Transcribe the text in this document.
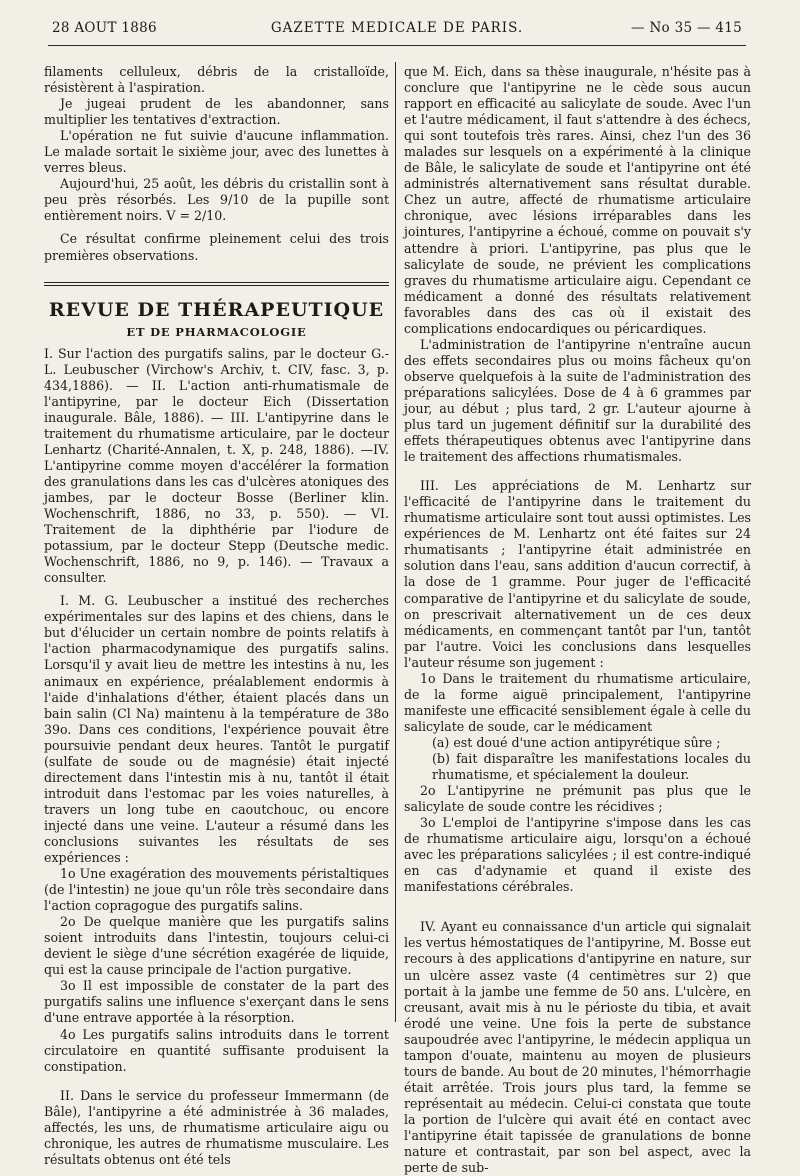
28 AOUT 1886	GAZETTE MEDICALE DE PARIS.	— No 35 — 415

filaments celluleux, débris de la cristalloïde, résistèrent à l'aspiration.

Je jugeai prudent de les abandonner, sans multiplier les tentatives d'extraction.

L'opération ne fut suivie d'aucune inflammation. Le malade sortait le sixième jour, avec des lunettes à verres bleus.

Aujourd'hui, 25 août, les débris du cristallin sont à peu près résorbés. Les 9/10 de la pupille sont entièrement noirs. V = 2/10.

Ce résultat confirme pleinement celui des trois premières observations.

REVUE DE THÉRAPEUTIQUE
ET DE PHARMACOLOGIE

I. Sur l'action des purgatifs salins, par le docteur G.-L. Leubuscher (Virchow's Archiv, t. CIV, fasc. 3, p. 434,1886). — II. L'action anti-rhumatismale de l'antipyrine, par le docteur Eich (Dissertation inaugurale. Bâle, 1886). — III. L'antipyrine dans le traitement du rhumatisme articulaire, par le docteur Lenhartz (Charité-Annalen, t. X, p. 248, 1886). —IV. L'antipyrine comme moyen d'accélérer la formation des granulations dans les cas d'ulcères atoniques des jambes, par le docteur Bosse (Berliner klin. Wochenschrift, 1886, no 33, p. 550). — VI. Traitement de la diphthérie par l'iodure de potassium, par le docteur Stepp (Deutsche medic. Wochenschrift, 1886, no 9, p. 146). — Travaux a consulter.

I. M. G. Leubuscher a institué des recherches expérimentales sur des lapins et des chiens, dans le but d'élucider un certain nombre de points relatifs à l'action pharmacodynamique des purgatifs salins. Lorsqu'il y avait lieu de mettre les intestins à nu, les animaux en expérience, préalablement endormis à l'aide d'inhalations d'éther, étaient placés dans un bain salin (Cl Na) maintenu à la température de 38o 39o. Dans ces conditions, l'expérience pouvait être poursuivie pendant deux heures. Tantôt le purgatif (sulfate de soude ou de magnésie) était injecté directement dans l'intestin mis à nu, tantôt il était introduit dans l'estomac par les voies naturelles, à travers un long tube en caoutchouc, ou encore injecté dans une veine. L'auteur a résumé dans les conclusions suivantes les résultats de ses expériences :

1o Une exagération des mouvements péristaltiques (de l'intestin) ne joue qu'un rôle très secondaire dans l'action copragogue des purgatifs salins.

2o De quelque manière que les purgatifs salins soient introduits dans l'intestin, toujours celui-ci devient le siège d'une sécrétion exagérée de liquide, qui est la cause principale de l'action purgative.

3o Il est impossible de constater de la part des purgatifs salins une influence s'exerçant dans le sens d'une entrave apportée à la résorption.

4o Les purgatifs salins introduits dans le torrent circulatoire en quantité suffisante produisent la constipation.

II. Dans le service du professeur Immermann (de Bâle), l'antipyrine a été administrée à 36 malades, affectés, les uns, de rhumatisme articulaire aigu ou chronique, les autres de rhumatisme musculaire. Les résultats obtenus ont été tels

que M. Eich, dans sa thèse inaugurale, n'hésite pas à conclure que l'antipyrine ne le cède sous aucun rapport en efficacité au salicylate de soude. Avec l'un et l'autre médicament, il faut s'attendre à des échecs, qui sont toutefois très rares. Ainsi, chez l'un des 36 malades sur lesquels on a expérimenté à la clinique de Bâle, le salicylate de soude et l'antipyrine ont été administrés alternativement sans résultat durable. Chez un autre, affecté de rhumatisme articulaire chronique, avec lésions irréparables dans les jointures, l'antipyrine a échoué, comme on pouvait s'y attendre à priori. L'antipyrine, pas plus que le salicylate de soude, ne prévient les complications graves du rhumatisme articulaire aigu. Cependant ce médicament a donné des résultats relativement favorables dans des cas où il existait des complications endocardiques ou péricardiques.

L'administration de l'antipyrine n'entraîne aucun des effets secondaires plus ou moins fâcheux qu'on observe quelquefois à la suite de l'administration des préparations salicylées. Dose de 4 à 6 grammes par jour, au début ; plus tard, 2 gr. L'auteur ajourne à plus tard un jugement définitif sur la durabilité des effets thérapeutiques obtenus avec l'antipyrine dans le traitement des affections rhumatismales.

III. Les appréciations de M. Lenhartz sur l'efficacité de l'antipyrine dans le traitement du rhumatisme articulaire sont tout aussi optimistes. Les expériences de M. Lenhartz ont été faites sur 24 rhumatisants ; l'antipyrine était administrée en solution dans l'eau, sans addition d'aucun correctif, à la dose de 1 gramme. Pour juger de l'efficacité comparative de l'antipyrine et du salicylate de soude, on prescrivait alternativement un de ces deux médicaments, en commençant tantôt par l'un, tantôt par l'autre. Voici les conclusions dans lesquelles l'auteur résume son jugement :

1o Dans le traitement du rhumatisme articulaire, de la forme aiguë principalement, l'antipyrine manifeste une efficacité sensiblement égale à celle du salicylate de soude, car le médicament

(a) est doué d'une action antipyrétique sûre ;

(b) fait disparaître les manifestations locales du rhumatisme, et spécialement la douleur.

2o L'antipyrine ne prémunit pas plus que le salicylate de soude contre les récidives ;

3o L'emploi de l'antipyrine s'impose dans les cas de rhumatisme articulaire aigu, lorsqu'on a échoué avec les préparations salicylées ; il est contre-indiqué en cas d'adynamie et quand il existe des manifestations cérébrales.

IV. Ayant eu connaissance d'un article qui signalait les vertus hémostatiques de l'antipyrine, M. Bosse eut recours à des applications d'antipyrine en nature, sur un ulcère assez vaste (4 centimètres sur 2) que portait à la jambe une femme de 50 ans. L'ulcère, en creusant, avait mis à nu le périoste du tibia, et avait érodé une veine. Une fois la perte de substance saupoudrée avec l'antipyrine, le médecin appliqua un tampon d'ouate, maintenu au moyen de plusieurs tours de bande. Au bout de 20 minutes, l'hémorrhagie était arrêtée. Trois jours plus tard, la femme se représentait au médecin. Celui-ci constata que toute la portion de l'ulcère qui avait été en contact avec l'antipyrine était tapissée de granulations de bonne nature et contrastait, par son bel aspect, avec la perte de sub-
